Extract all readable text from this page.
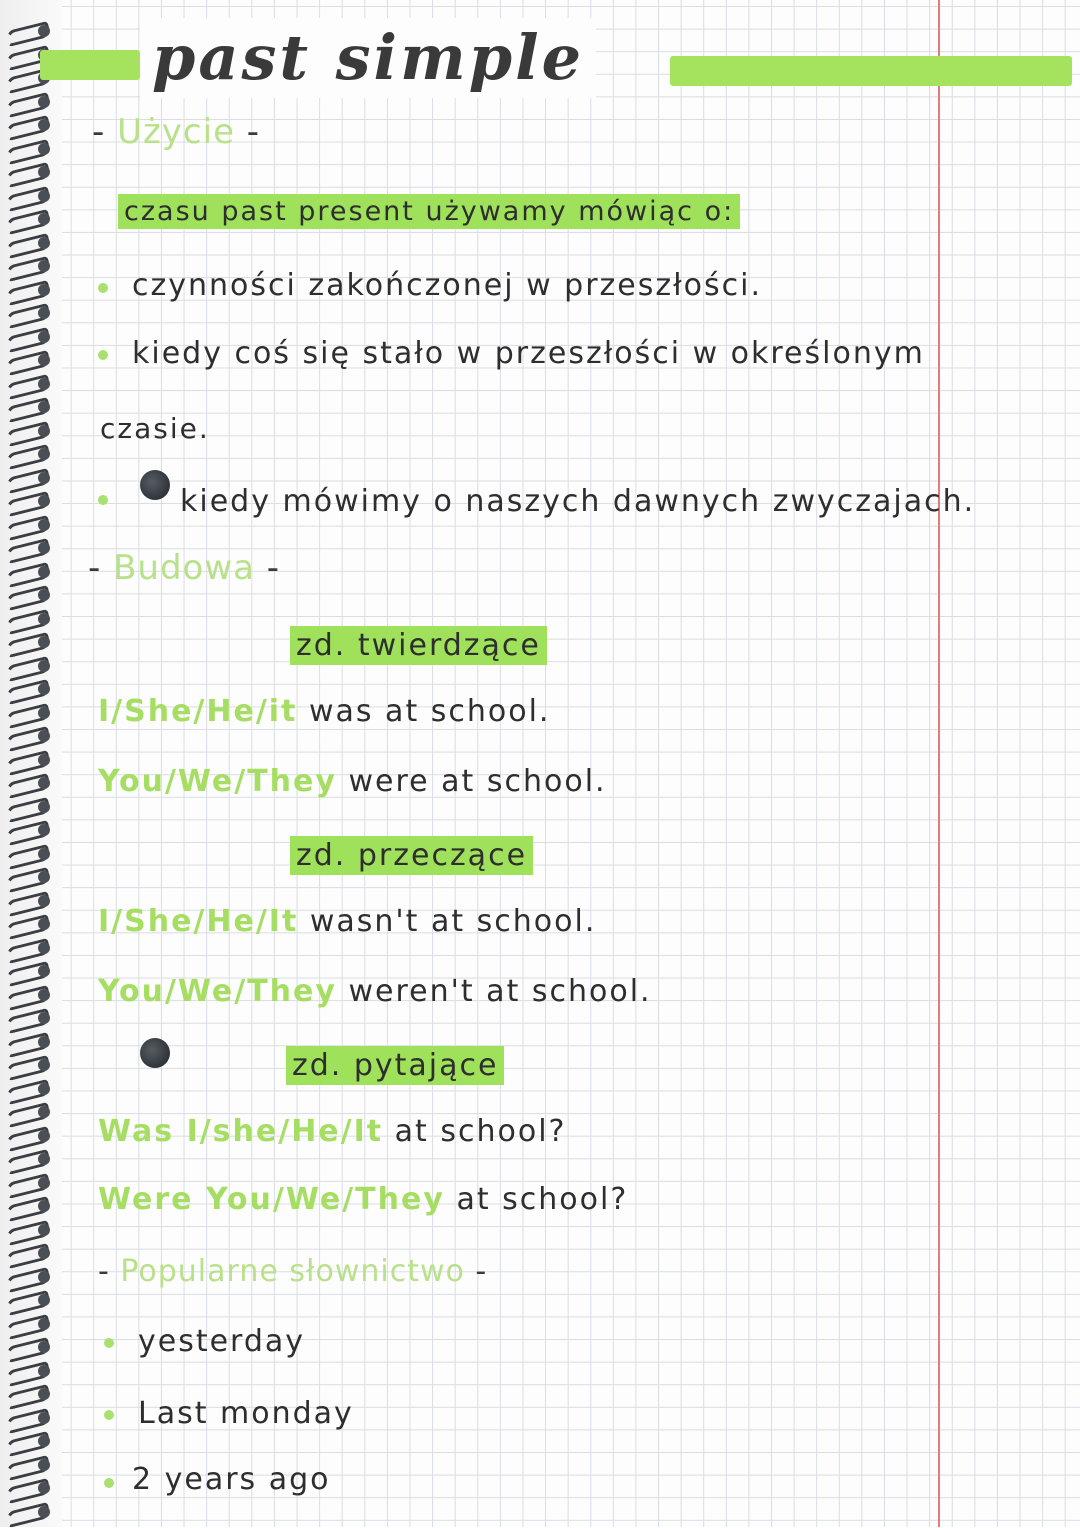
past simple
- Użycie -
czasu past present używamy mówiąc o:
czynności zakończonej w przeszłości.
kiedy coś się stało w przeszłości w określonym
czasie.
kiedy mówimy o naszych dawnych zwyczajach.
- Budowa -
zd. twierdzące
I/She/He/it was at school.
You/We/They were at school.
zd. przeczące
I/She/He/It wasn't at school.
You/We/They weren't at school.
zd. pytające
Was I/she/He/It at school?
Were You/We/They at school?
- Popularne słownictwo -
yesterday
Last monday
2 years ago
